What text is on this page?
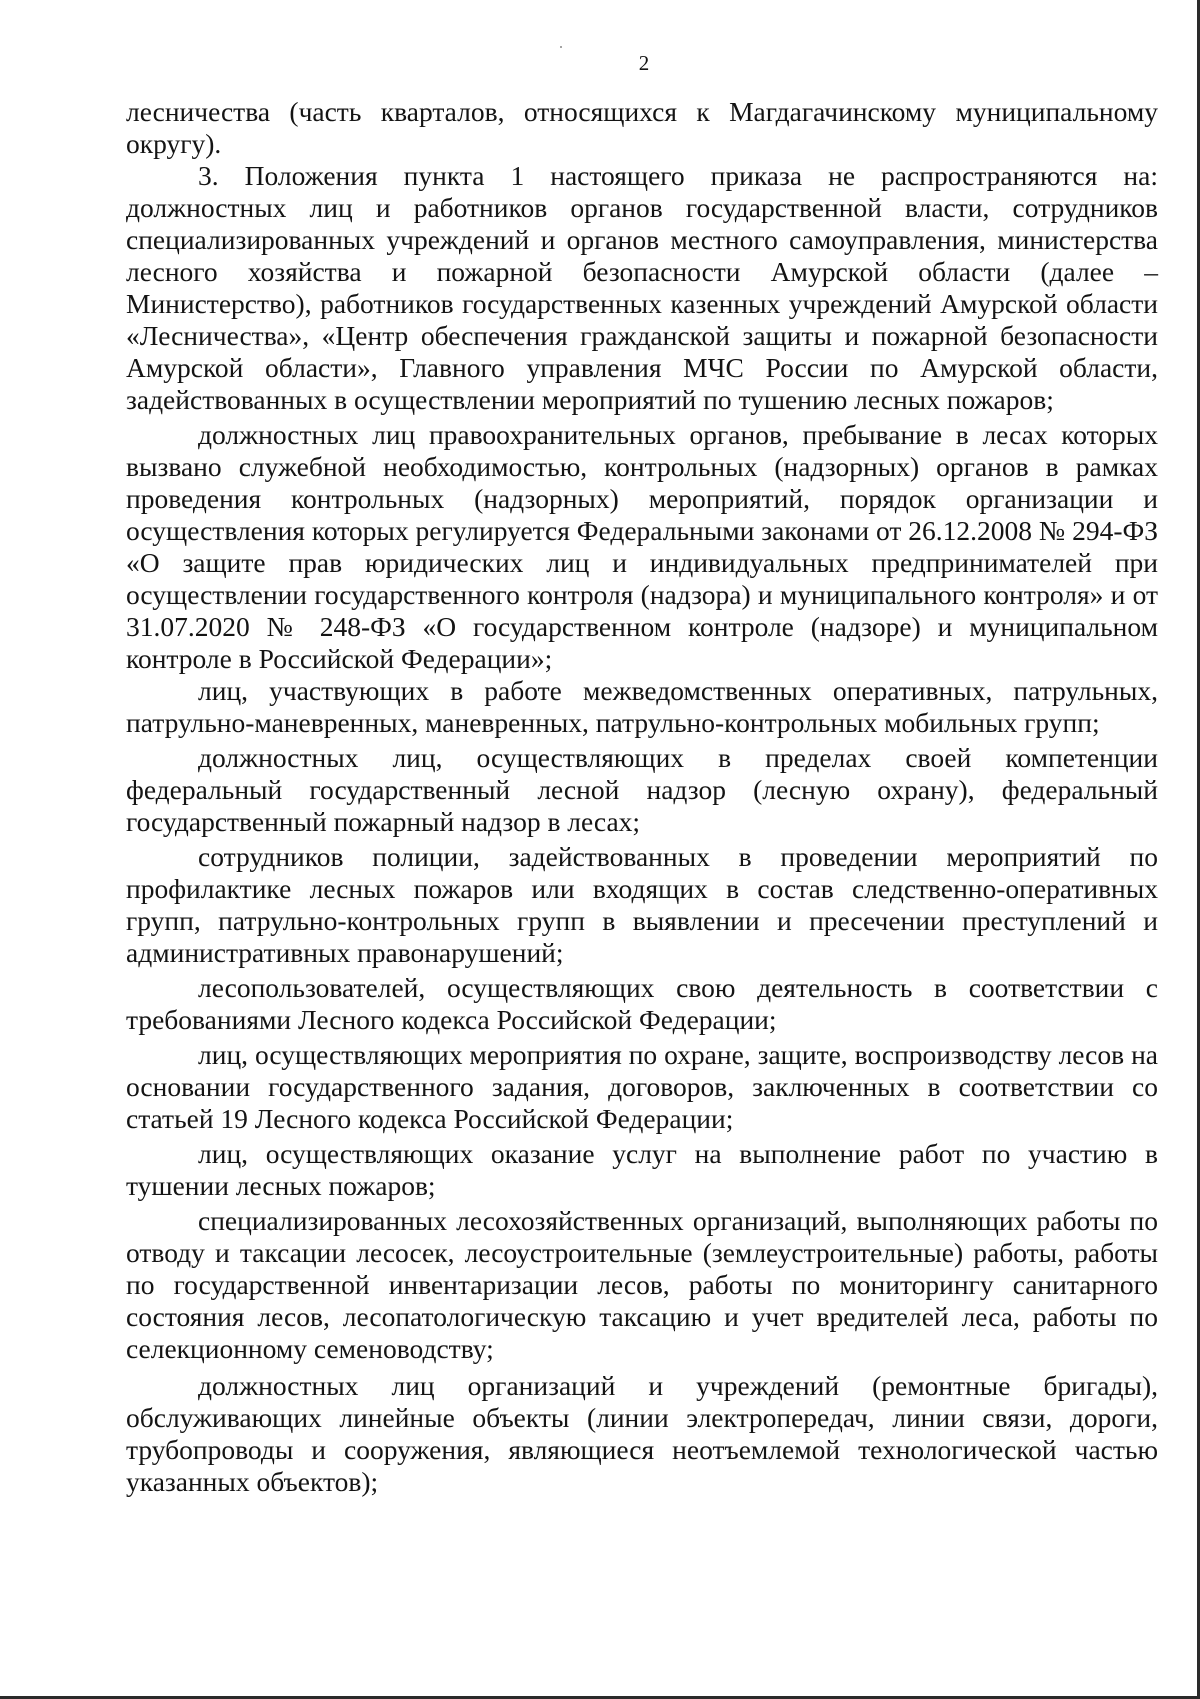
2

лесничества (часть кварталов, относящихся к Магдагачинскому муниципальному округу).

3. Положения пункта 1 настоящего приказа не распространяются на: должностных лиц и работников органов государственной власти, сотрудников специализированных учреждений и органов местного самоуправления, министерства лесного хозяйства и пожарной безопасности Амурской области (далее – Министерство), работников государственных казенных учреждений Амурской области «Лесничества», «Центр обеспечения гражданской защиты и пожарной безопасности Амурской области», Главного управления МЧС России по Амурской области, задействованных в осуществлении мероприятий по тушению лесных пожаров;

должностных лиц правоохранительных органов, пребывание в лесах которых вызвано служебной необходимостью, контрольных (надзорных) органов в рамках проведения контрольных (надзорных) мероприятий, порядок организации и осуществления которых регулируется Федеральными законами от 26.12.2008 № 294-ФЗ «О защите прав юридических лиц и индивидуальных предпринимателей при осуществлении государственного контроля (надзора) и муниципального контроля» и от 31.07.2020 № 248-ФЗ «О государственном контроле (надзоре) и муниципальном контроле в Российской Федерации»;

лиц, участвующих в работе межведомственных оперативных, патрульных, патрульно-маневренных, маневренных, патрульно-контрольных мобильных групп;

должностных лиц, осуществляющих в пределах своей компетенции федеральный государственный лесной надзор (лесную охрану), федеральный государственный пожарный надзор в лесах;

сотрудников полиции, задействованных в проведении мероприятий по профилактике лесных пожаров или входящих в состав следственно-оперативных групп, патрульно-контрольных групп в выявлении и пресечении преступлений и административных правонарушений;

лесопользователей, осуществляющих свою деятельность в соответствии с требованиями Лесного кодекса Российской Федерации;

лиц, осуществляющих мероприятия по охране, защите, воспроизводству лесов на основании государственного задания, договоров, заключенных в соответствии со статьей 19 Лесного кодекса Российской Федерации;

лиц, осуществляющих оказание услуг на выполнение работ по участию в тушении лесных пожаров;

специализированных лесохозяйственных организаций, выполняющих работы по отводу и таксации лесосек, лесоустроительные (землеустроительные) работы, работы по государственной инвентаризации лесов, работы по мониторингу санитарного состояния лесов, лесопатологическую таксацию и учет вредителей леса, работы по селекционному семеноводству;

должностных лиц организаций и учреждений (ремонтные бригады), обслуживающих линейные объекты (линии электропередач, линии связи, дороги, трубопроводы и сооружения, являющиеся неотъемлемой технологической частью указанных объектов);
